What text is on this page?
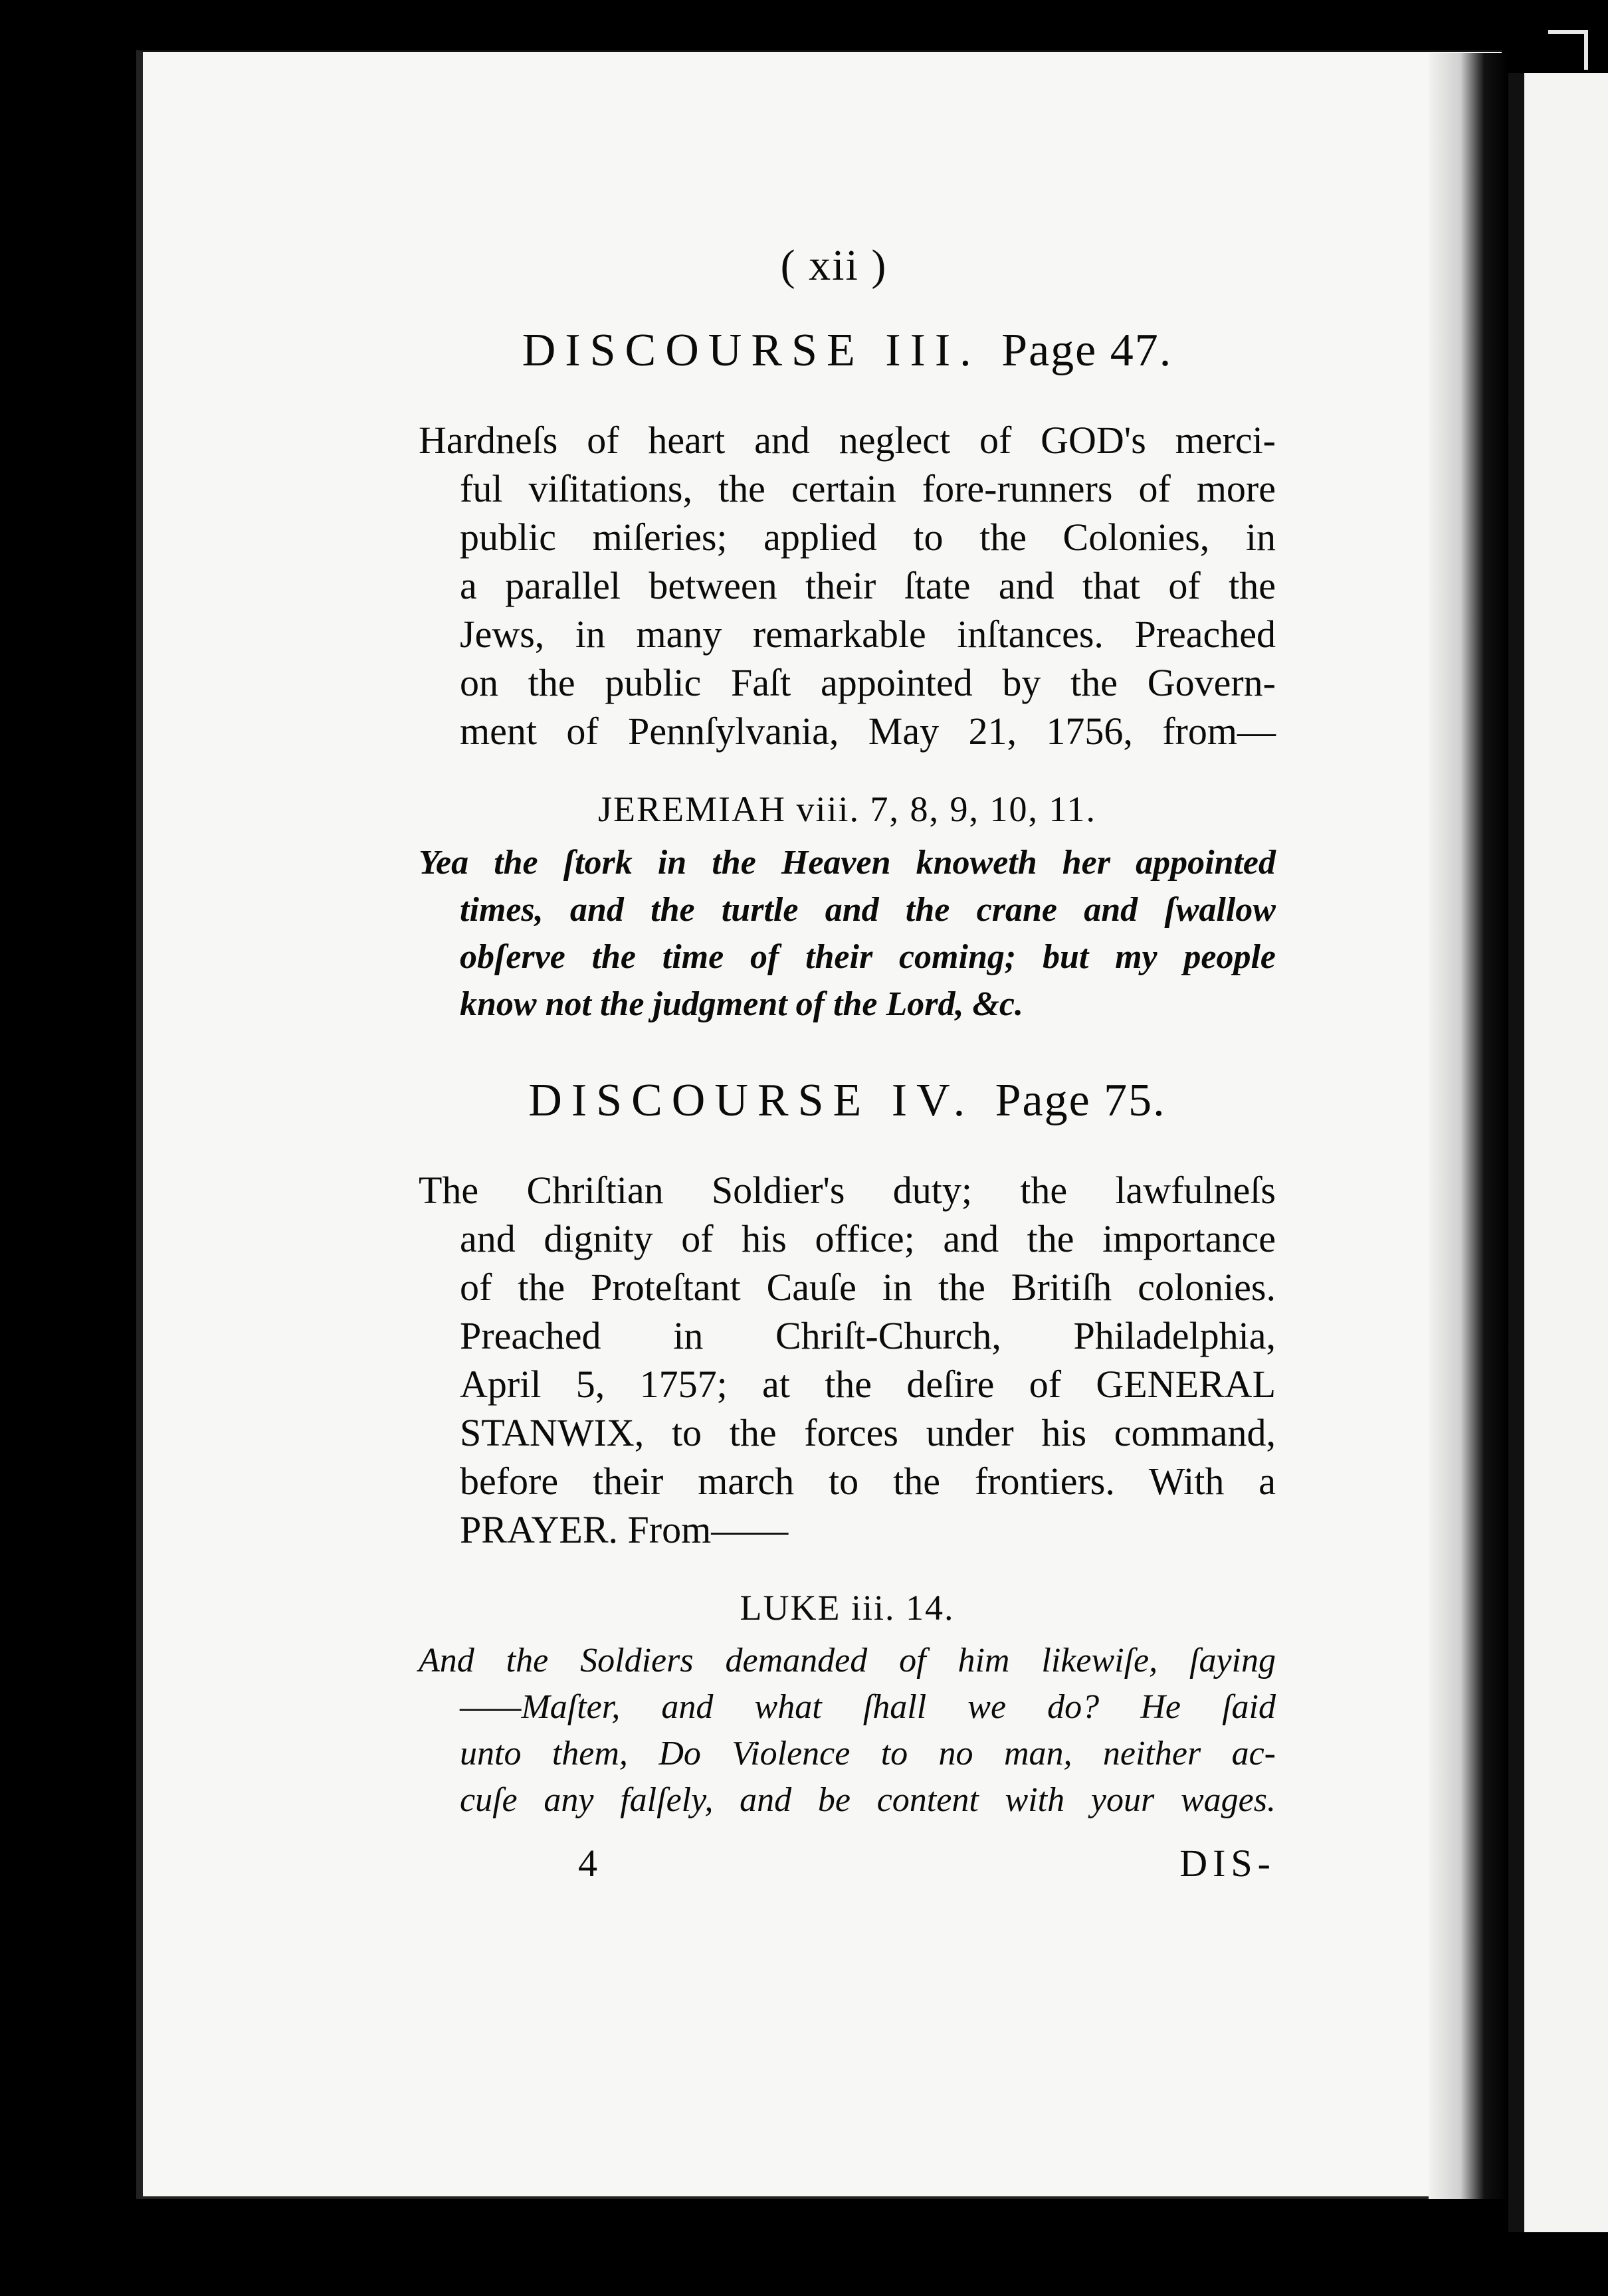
( xii )
DISCOURSE III. Page 47.
Hardneſs of heart and neglect of GOD's merci-
ful viſitations, the certain fore-runners of more
public miſeries; applied to the Colonies, in
a parallel between their ſtate and that of the
Jews, in many remarkable inſtances. Preached
on the public Faſt appointed by the Govern-
ment of Pennſylvania, May 21, 1756, from—
JEREMIAH viii. 7, 8, 9, 10, 11.
Yea the ſtork in the Heaven knoweth her appointed
times, and the turtle and the crane and ſwallow
obſerve the time of their coming; but my people
know not the judgment of the Lord, &c.
DISCOURSE IV. Page 75.
The Chriſtian Soldier's duty; the lawfulneſs
and dignity of his office; and the importance
of the Proteſtant Cauſe in the Britiſh colonies.
Preached in Chriſt-Church, Philadelphia,
April 5, 1757; at the deſire of GENERAL
STANWIX, to the forces under his command,
before their march to the frontiers. With a
PRAYER. From——
LUKE iii. 14.
And the Soldiers demanded of him likewiſe, ſaying
——Maſter, and what ſhall we do? He ſaid
unto them, Do Violence to no man, neither ac-
cuſe any falſely, and be content with your wages.
4	DIS-
